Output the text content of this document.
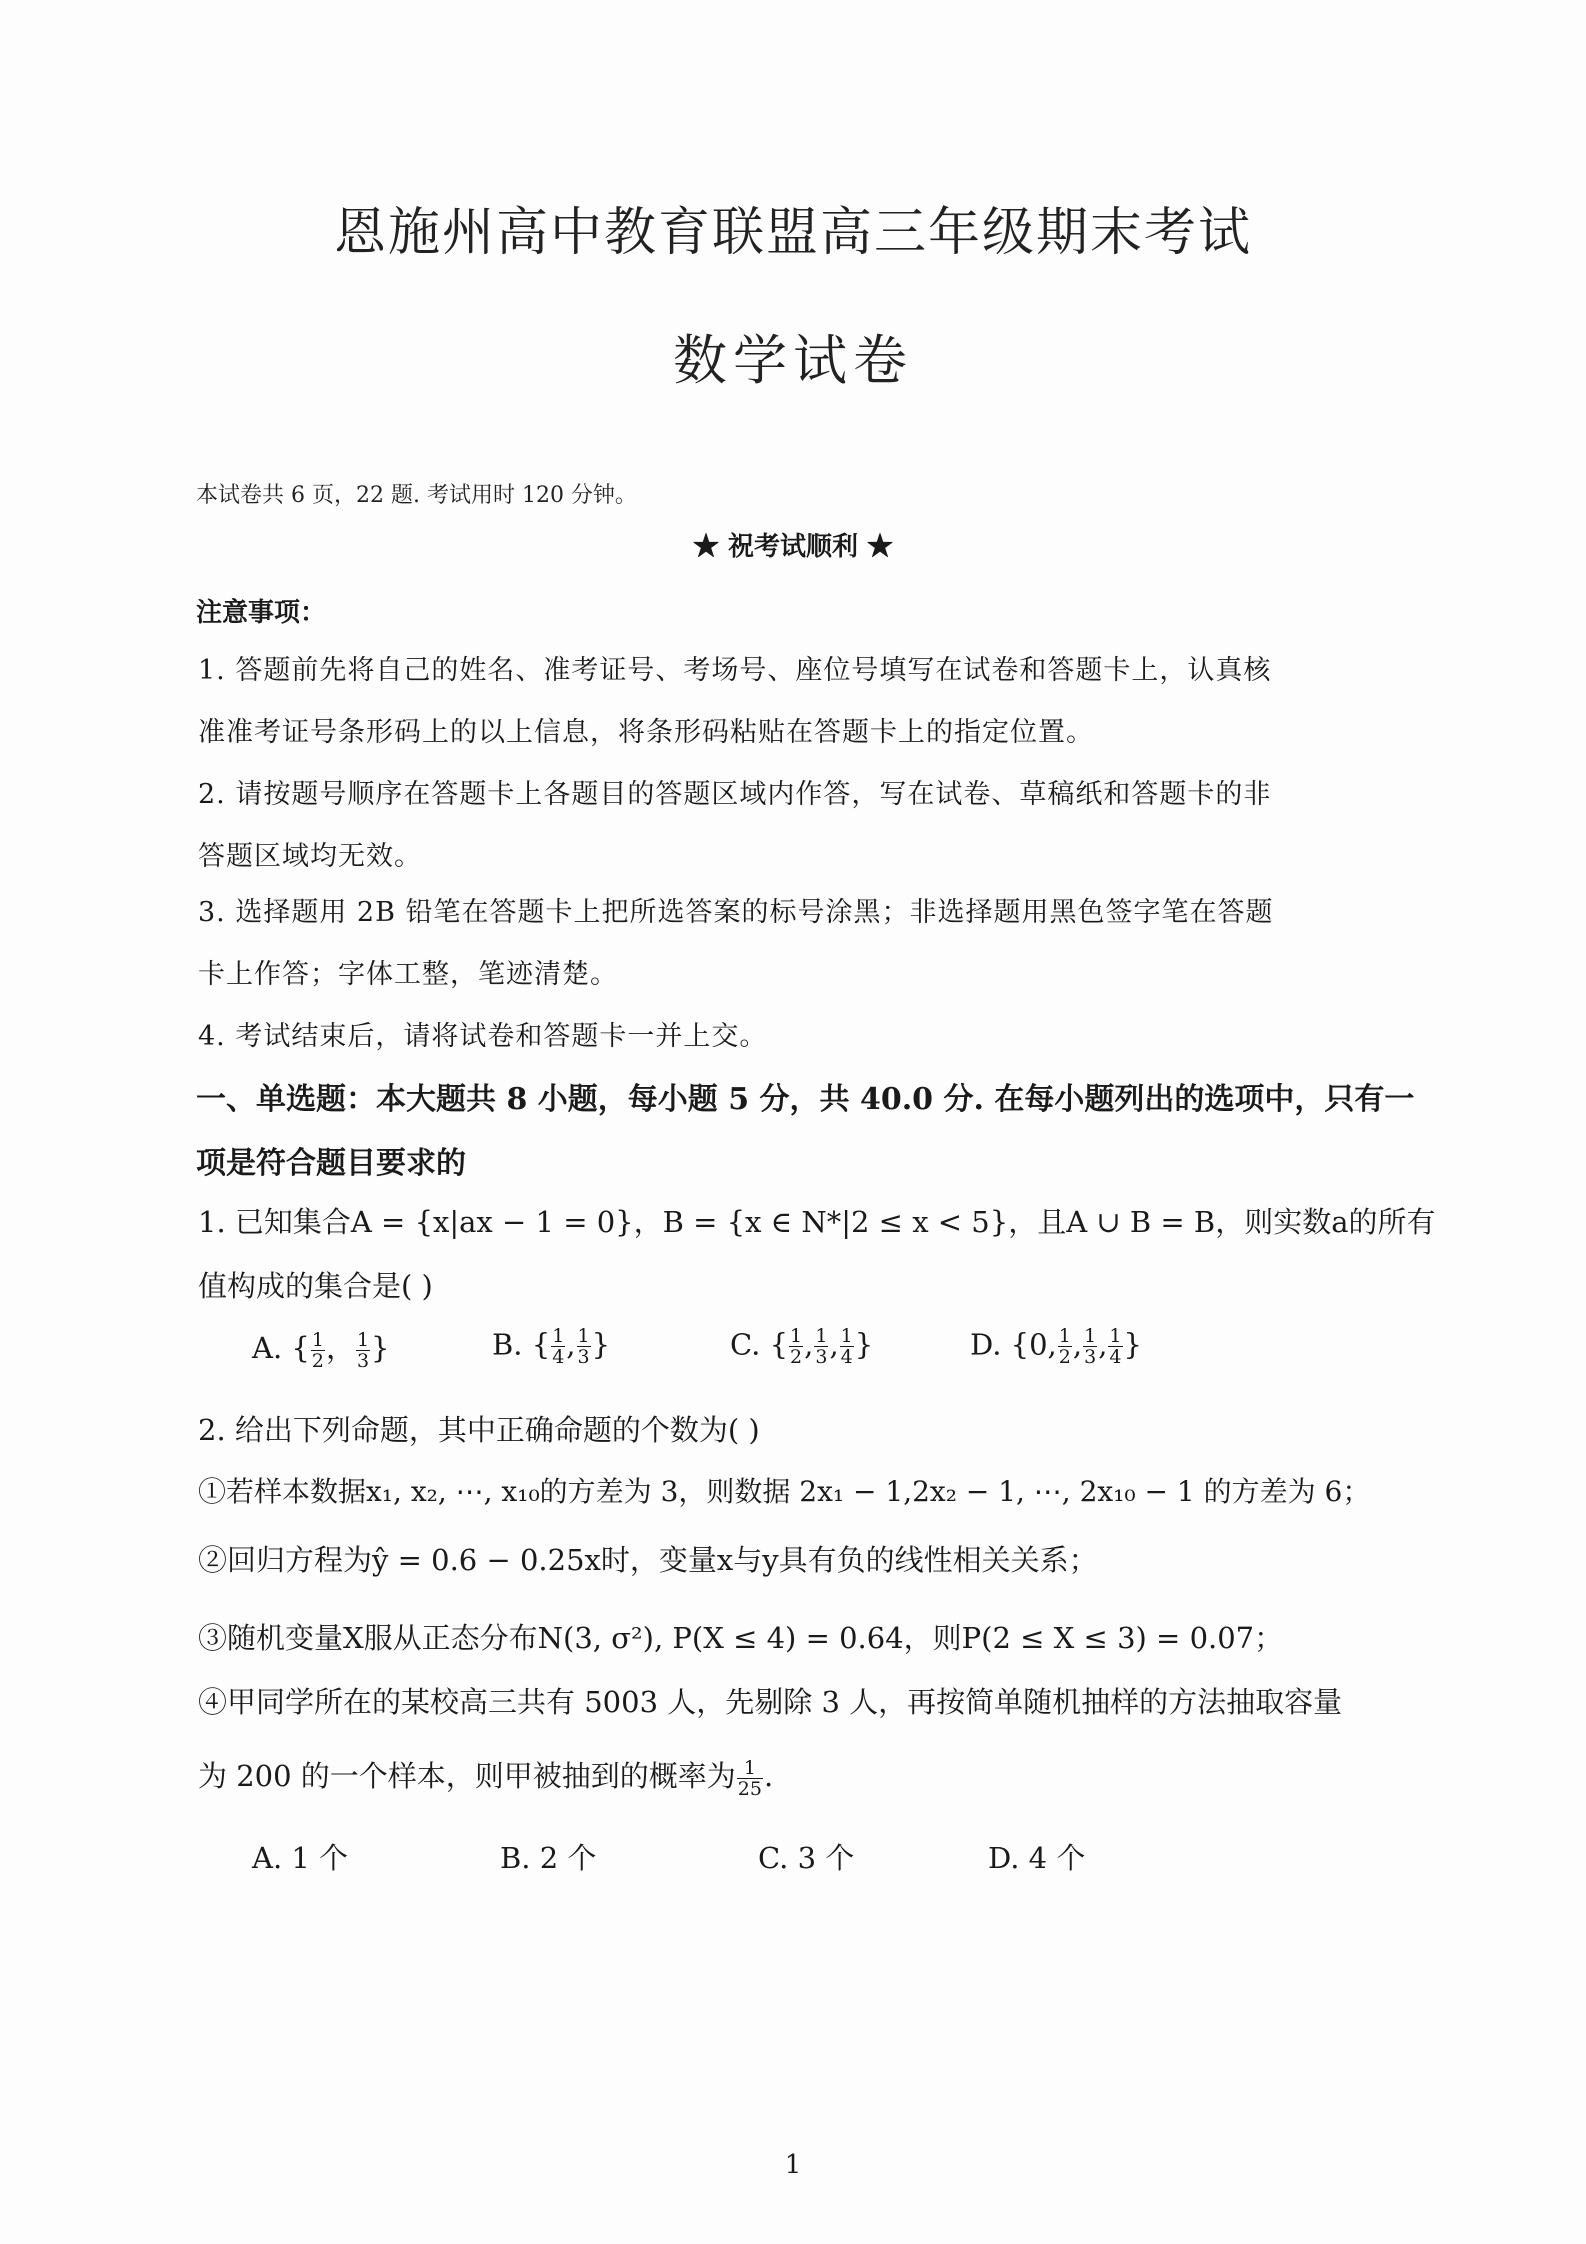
恩施州高中教育联盟高三年级期末考试
数学试卷
本试卷共 6 页，22 题. 考试用时 120 分钟。
★ 祝考试顺利 ★
注意事项：
1. 答题前先将自己的姓名、准考证号、考场号、座位号填写在试卷和答题卡上，认真核
准准考证号条形码上的以上信息，将条形码粘贴在答题卡上的指定位置。
2. 请按题号顺序在答题卡上各题目的答题区域内作答，写在试卷、草稿纸和答题卡的非
答题区域均无效。
3. 选择题用 2B 铅笔在答题卡上把所选答案的标号涂黑；非选择题用黑色签字笔在答题
卡上作答；字体工整，笔迹清楚。
4. 考试结束后，请将试卷和答题卡一并上交。
一、单选题：本大题共 8 小题，每小题 5 分，共 40.0 分. 在每小题列出的选项中，只有一
项是符合题目要求的
1. 已知集合A = {x|ax − 1 = 0}，B = {x ∈ N*|2 ≤ x < 5}，且A ∪ B = B，则实数a的所有
值构成的集合是( )
A. { $\frac{1}{2}$ ， $\frac{1}{3}$ }	B. { $\frac{1}{4}$ , $\frac{1}{3}$ }	C. { $\frac{1}{2}$ , $\frac{1}{3}$ , $\frac{1}{4}$ }	D. {0, $\frac{1}{2}$ , $\frac{1}{3}$ , $\frac{1}{4}$ }
2. 给出下列命题，其中正确命题的个数为( )
①若样本数据x₁, x₂, ⋯, x₁₀的方差为 3，则数据 2x₁ − 1,2x₂ − 1, ⋯, 2x₁₀ − 1 的方差为 6；
②回归方程为ŷ = 0.6 − 0.25x时，变量x与y具有负的线性相关关系；
③随机变量X服从正态分布N(3, σ²), P(X ≤ 4) = 0.64，则P(2 ≤ X ≤ 3) = 0.07；
④甲同学所在的某校高三共有 5003 人，先剔除 3 人，再按简单随机抽样的方法抽取容量
为 200 的一个样本，则甲被抽到的概率为 $\frac{1}{25}$ .
A. 1 个	B. 2 个	C. 3 个	D. 4 个
1
